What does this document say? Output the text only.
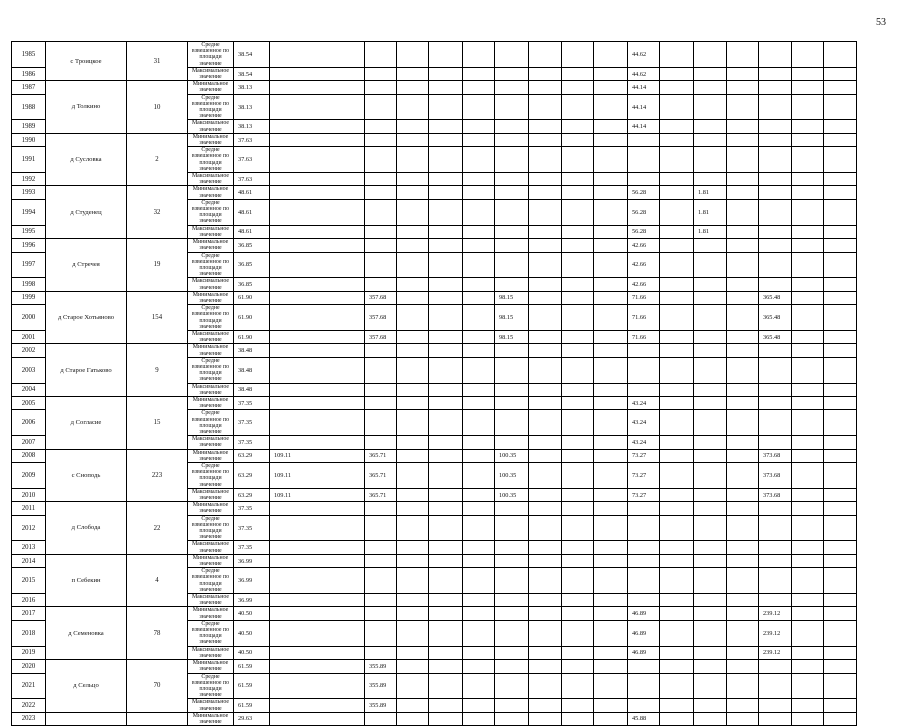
53
1985	с Троицкое	31	Средне взвешенное по площади значение	38.54										44.62						
1986			Максимальное значение	38.54										44.62						
1987	д Толкино	10	Минимальное значение	38.13										44.14						
1988			Средне взвешенное по площади значение	38.13										44.14						
1989			Максимальное значение	38.13										44.14						
1990	д Сусловка	2	Минимальное значение	37.63																
1991			Средне взвешенное по площади значение	37.63																
1992			Максимальное значение	37.63																
1993	д Студенец	32	Минимальное значение	48.61										56.28		1.81				
1994			Средне взвешенное по площади значение	48.61										56.28		1.81				
1995			Максимальное значение	48.61										56.28		1.81				
1996	д Стречея	19	Минимальное значение	36.85										42.66						
1997			Средне взвешенное по площади значение	36.85										42.66						
1998			Максимальное значение	36.85										42.66						
1999	д Старое Хотьяново	154	Минимальное значение	61.90		357.68				98.15				71.66				365.48		
2000			Средне взвешенное по площади значение	61.90		357.68				98.15				71.66				365.48		
2001			Максимальное значение	61.90		357.68				98.15				71.66				365.48		
2002	д Старое Гатьково	9	Минимальное значение	38.48																
2003			Средне взвешенное по площади значение	38.48																
2004			Максимальное значение	38.48																
2005	д Согласие	15	Минимальное значение	37.35										43.24						
2006			Средне взвешенное по площади значение	37.35										43.24						
2007			Максимальное значение	37.35										43.24						
2008	с Сноподь	223	Минимальное значение	63.29	109.11	365.71				100.35				73.27				373.68		
2009			Средне взвешенное по площади значение	63.29	109.11	365.71				100.35				73.27				373.68		
2010			Максимальное значение	63.29	109.11	365.71				100.35				73.27				373.68		
2011	д Слобода	22	Минимальное значение	37.35																
2012			Средне взвешенное по площади значение	37.35																
2013			Максимальное значение	37.35																
2014	п Себекин	4	Минимальное значение	36.99																
2015			Средне взвешенное по площади значение	36.99																
2016			Максимальное значение	36.99																
2017	д Семеновка	78	Минимальное значение	40.50										46.89				239.12		
2018			Средне взвешенное по площади значение	40.50										46.89				239.12		
2019			Максимальное значение	40.50										46.89				239.12		
2020	д Сельцо	70	Минимальное значение	61.59		355.89														
2021			Средне взвешенное по площади значение	61.59		355.89														
2022			Максимальное значение	61.59		355.89														
2023			Минимальное значение	29.63										45.88						
